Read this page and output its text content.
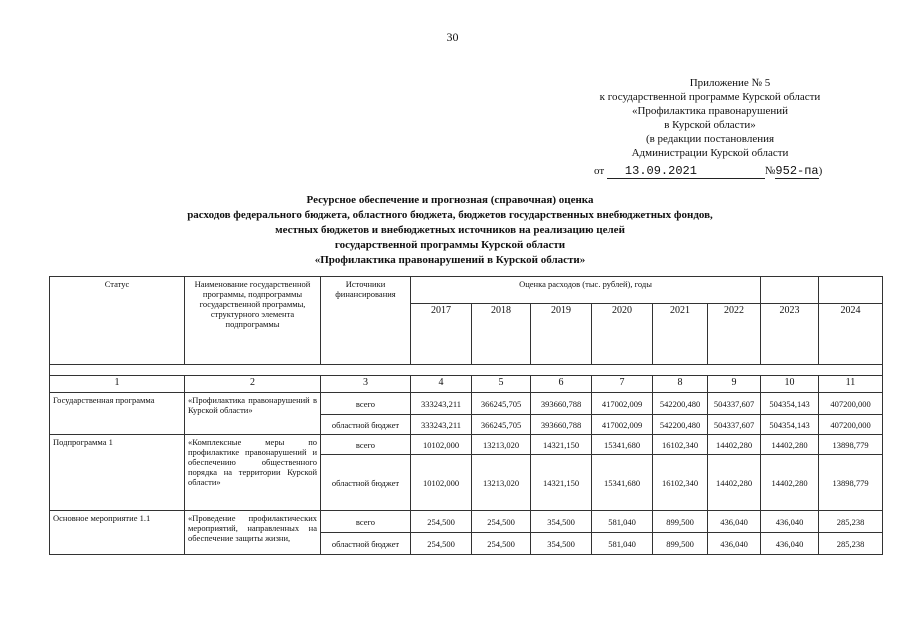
30
Приложение № 5
к государственной программе Курской области
«Профилактика правонарушений
в Курской области»
(в редакции постановления
Администрации Курской области
от 13.09.2021	№952-па)
Ресурсное обеспечение и прогнозная (справочная) оценка
расходов федерального бюджета, областного бюджета, бюджетов государственных внебюджетных фондов,
местных бюджетов и внебюджетных источников на реализацию целей
государственной программы Курской области
«Профилактика правонарушений в Курской области»
Статус	Наименование государственной программы, подпрограммы государственной программы, структурного элемента подпрограммы	Источники финансирования	Оценка расходов (тыс. рублей), годы							
			2017	2018	2019	2020	2021	2022	2023	2024

1	2	3	4	5	6	7	8	9	10	11
Государственная программа	«Профилактика правонарушений в Курской области»	всего	333243,211	366245,705	393660,788	417002,009	542200,480	504337,607	504354,143	407200,000
		областной бюджет	333243,211	366245,705	393660,788	417002,009	542200,480	504337,607	504354,143	407200,000
Подпрограмма 1	«Комплексные меры по профилактике правонарушений и обеспечению общественного порядка на территории Курской области»	всего	10102,000	13213,020	14321,150	15341,680	16102,340	14402,280	14402,280	13898,779
		областной бюджет	10102,000	13213,020	14321,150	15341,680	16102,340	14402,280	14402,280	13898,779
Основное мероприятие 1.1	«Проведение профилактических мероприятий, направленных на обеспечение защиты жизни,	всего	254,500	254,500	354,500	581,040	899,500	436,040	436,040	285,238
		областной бюджет	254,500	254,500	354,500	581,040	899,500	436,040	436,040	285,238
